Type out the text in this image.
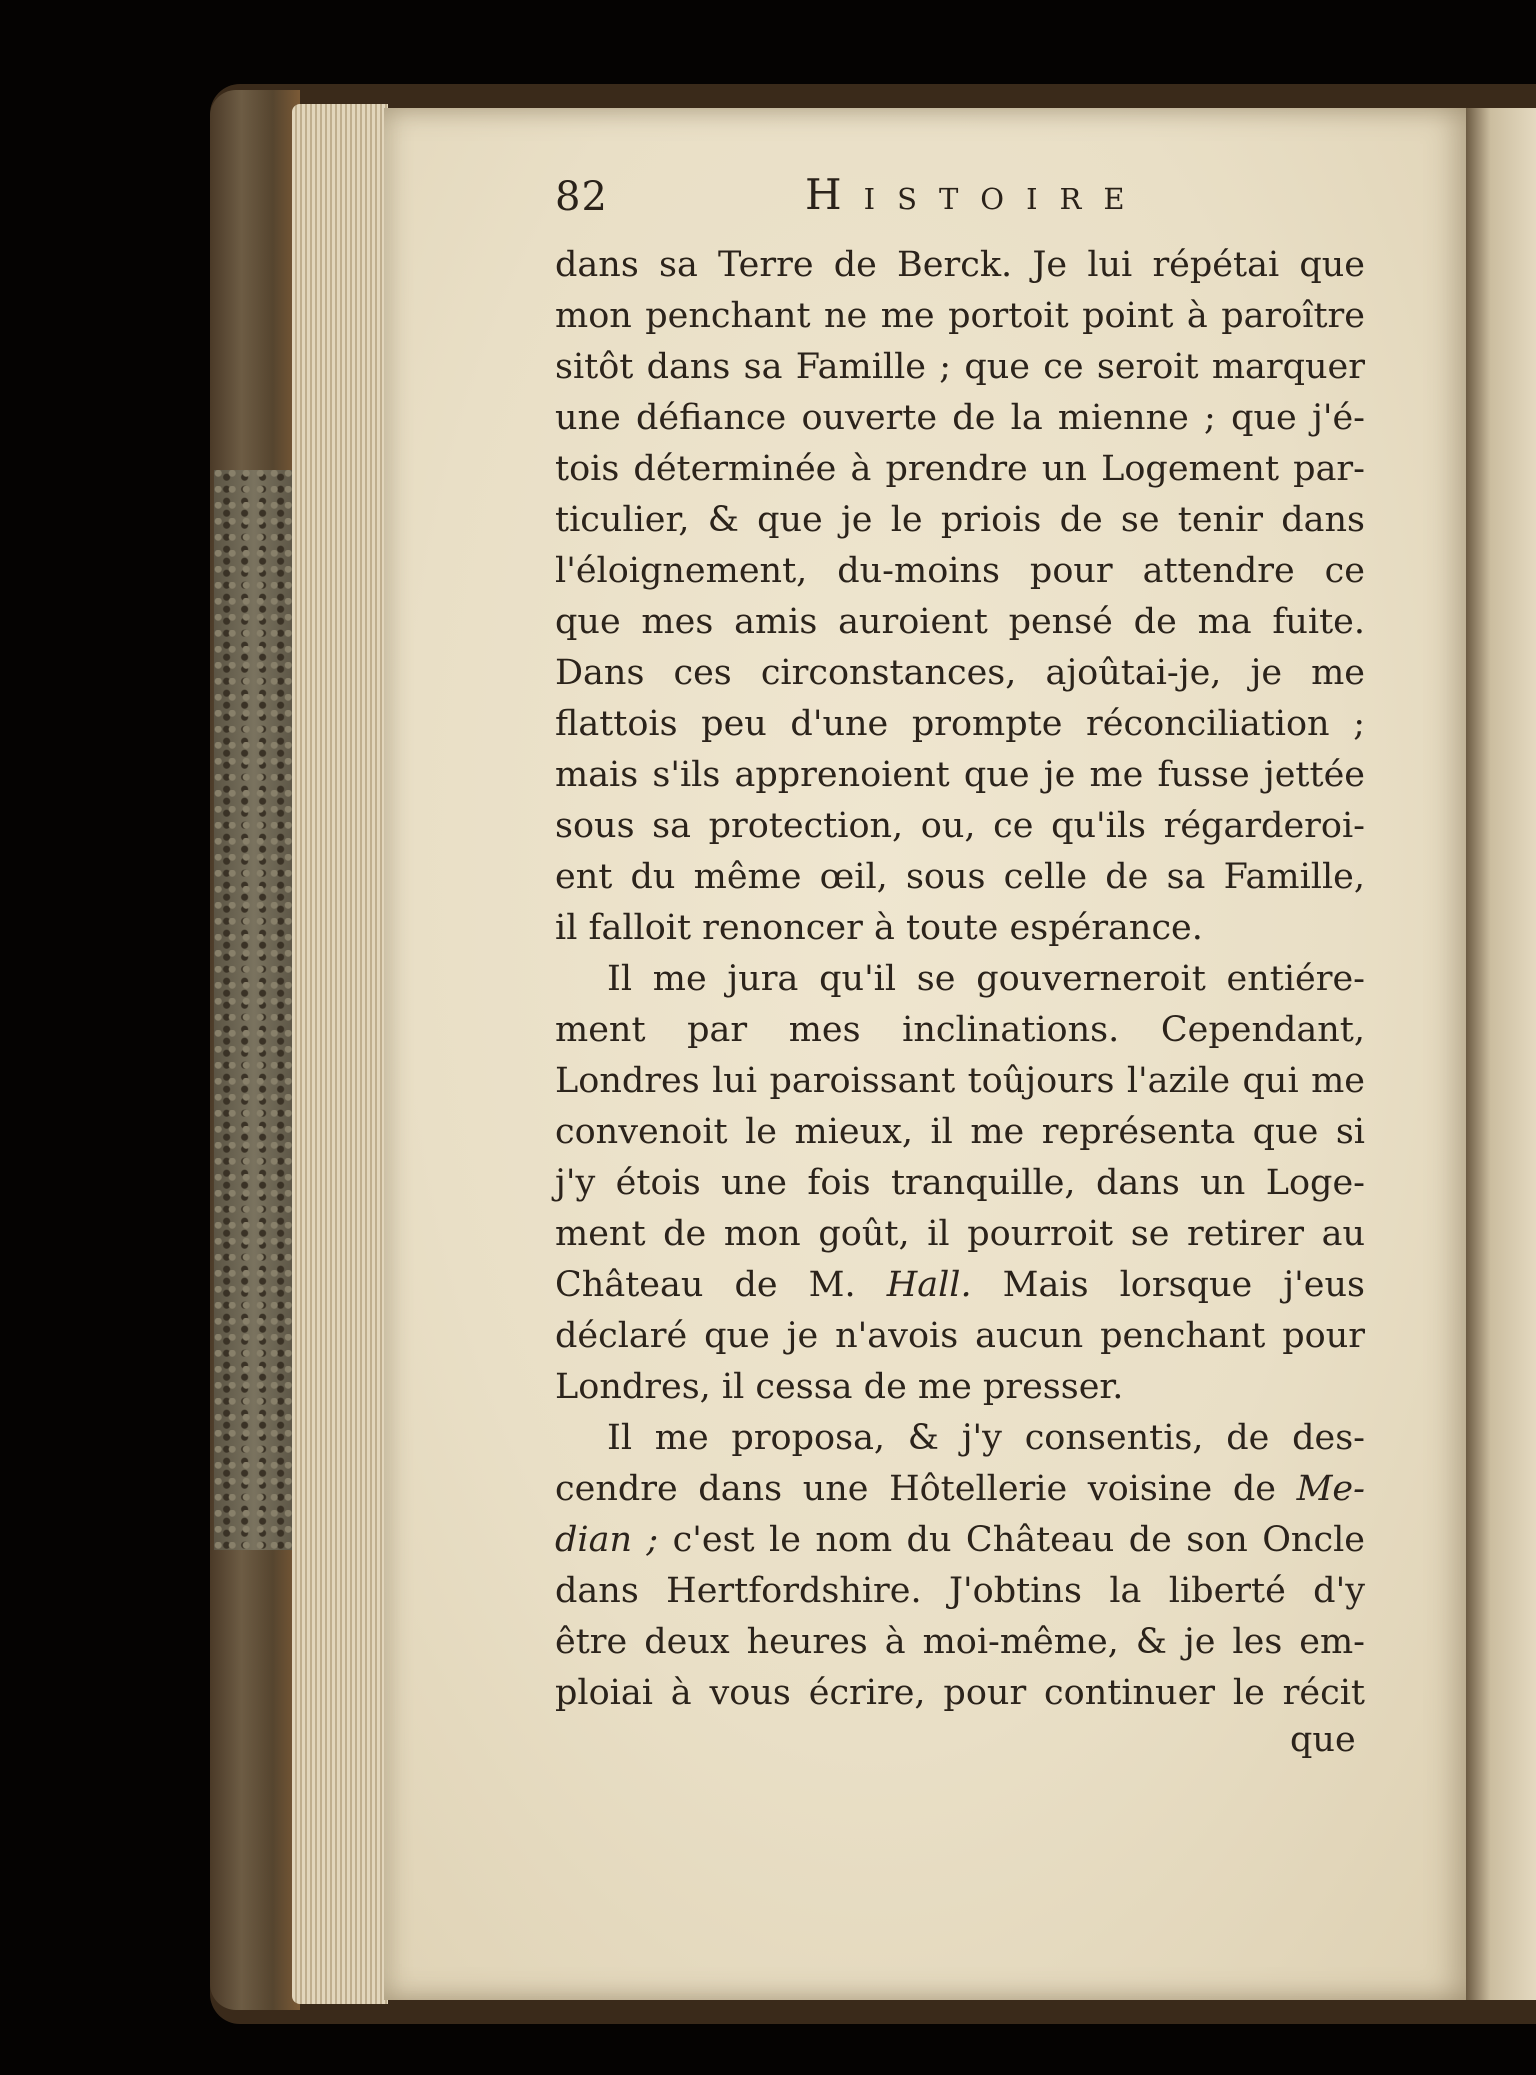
82	Histoire
dans sa Terre de Berck. Je lui répétai que
mon penchant ne me portoit point à paroître
sitôt dans sa Famille ; que ce seroit marquer
une défiance ouverte de la mienne ; que j'é-
tois déterminée à prendre un Logement par-
ticulier, & que je le priois de se tenir dans
l'éloignement, du-moins pour attendre ce
que mes amis auroient pensé de ma fuite.
Dans ces circonstances, ajoûtai-je, je me
flattois peu d'une prompte réconciliation ;
mais s'ils apprenoient que je me fusse jettée
sous sa protection, ou, ce qu'ils régarderoi-
ent du même œil, sous celle de sa Famille,
il falloit renoncer à toute espérance.
Il me jura qu'il se gouverneroit entiére-
ment par mes inclinations. Cependant,
Londres lui paroissant toûjours l'azile qui me
convenoit le mieux, il me représenta que si
j'y étois une fois tranquille, dans un Loge-
ment de mon goût, il pourroit se retirer au
Château de M. Hall. Mais lorsque j'eus
déclaré que je n'avois aucun penchant pour
Londres, il cessa de me presser.
Il me proposa, & j'y consentis, de des-
cendre dans une Hôtellerie voisine de Me-
dian ; c'est le nom du Château de son Oncle
dans Hertfordshire. J'obtins la liberté d'y
être deux heures à moi-même, & je les em-
ploiai à vous écrire, pour continuer le récit
que
